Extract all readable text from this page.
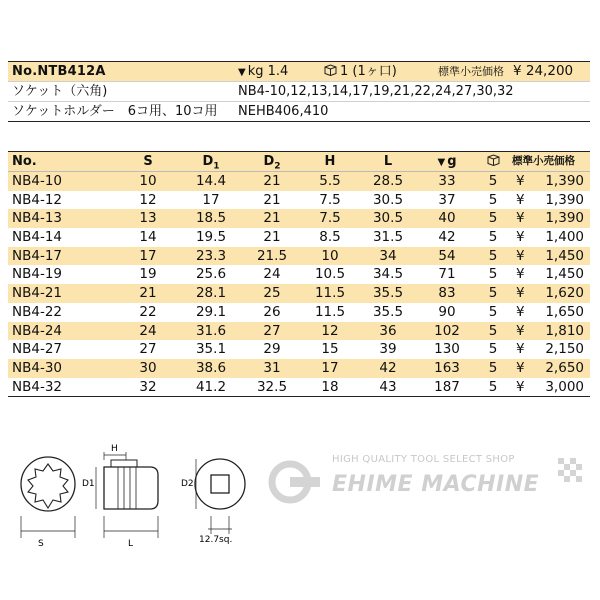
No.NTB412A	▼ kg 1.4	1 (1ヶ口)	標準小売価格 ¥ 24,200
ソケット（六角)	NB4-10,12,13,14,17,19,21,22,24,27,30,32
ソケットホルダー　6コ用、10コ用 NEHB406,410
No.	S	$D_1$	$D_2$	H	L	▼ g	標準小売価格
NB4-10	10	14.4	21	5.5	28.5	33	5	¥ 1,390
NB4-12	12	17	21	7.5	30.5	37	5	¥ 1,390
NB4-13	13	18.5	21	7.5	30.5	40	5	¥ 1,390
NB4-14	14	19.5	21	8.5	31.5	42	5	¥ 1,400
NB4-17	17	23.3	21.5	10	34	54	5	¥ 1,450
NB4-19	19	25.6	24	10.5	34.5	71	5	¥ 1,450
NB4-21	21	28.1	25	11.5	35.5	83	5	¥ 1,620
NB4-22	22	29.1	26	11.5	35.5	90	5	¥ 1,650
NB4-24	24	31.6	27	12	36	102	5	¥ 1,810
NB4-27	27	35.1	29	15	39	130	5	¥ 2,150
NB4-30	30	38.6	31	17	42	163	5	¥ 2,650
NB4-32	32	41.2	32.5	18	43	187	5	¥ 3,000
S
H
D1
L
D2
12.7sq.
HIGH QUALITY TOOL SELECT SHOP
EHIME MACHINE
